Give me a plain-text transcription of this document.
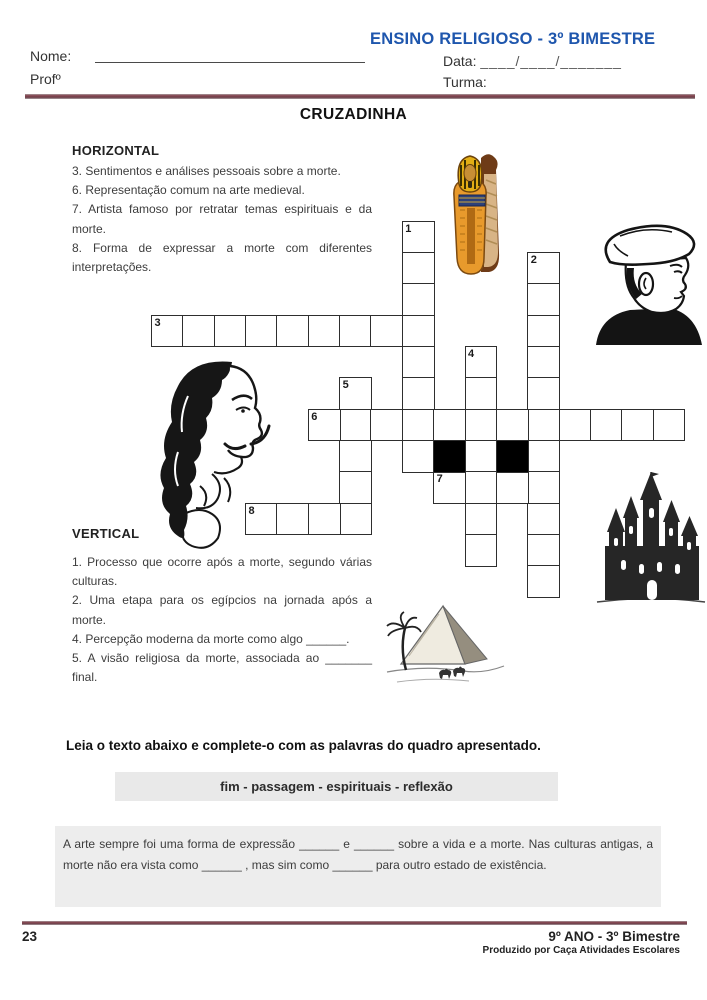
Nome:
Profº
ENSINO RELIGIOSO - 3º BIMESTRE
Data: ____/____/_______
Turma:
CRUZADINHA
HORIZONTAL

3. Sentimentos e análises pessoais sobre a morte.

6. Representação comum na arte medieval.

7. Artista famoso por retratar temas espirituais e da morte.

8. Forma de expressar a morte com diferentes interpretações.

VERTICAL

1. Processo que ocorre após a morte, segundo várias culturas.

2. Uma etapa para os egípcios na jornada após a morte.

4. Percepção moderna da morte como algo ______.

5. A visão religiosa da morte, associada ao _______ final.

1
2
3
4
5
6
7
8
Leia o texto abaixo e complete-o com as palavras do quadro apresentado.
fim - passagem - espirituais - reflexão

A arte sempre foi uma forma de expressão ______ e ______ sobre a vida e a morte. Nas culturas antigas, a morte não era vista como ______ , mas sim como ______ para outro estado de existência.

23	9º ANO - 3º Bimestre
Produzido por Caça Atividades Escolares
